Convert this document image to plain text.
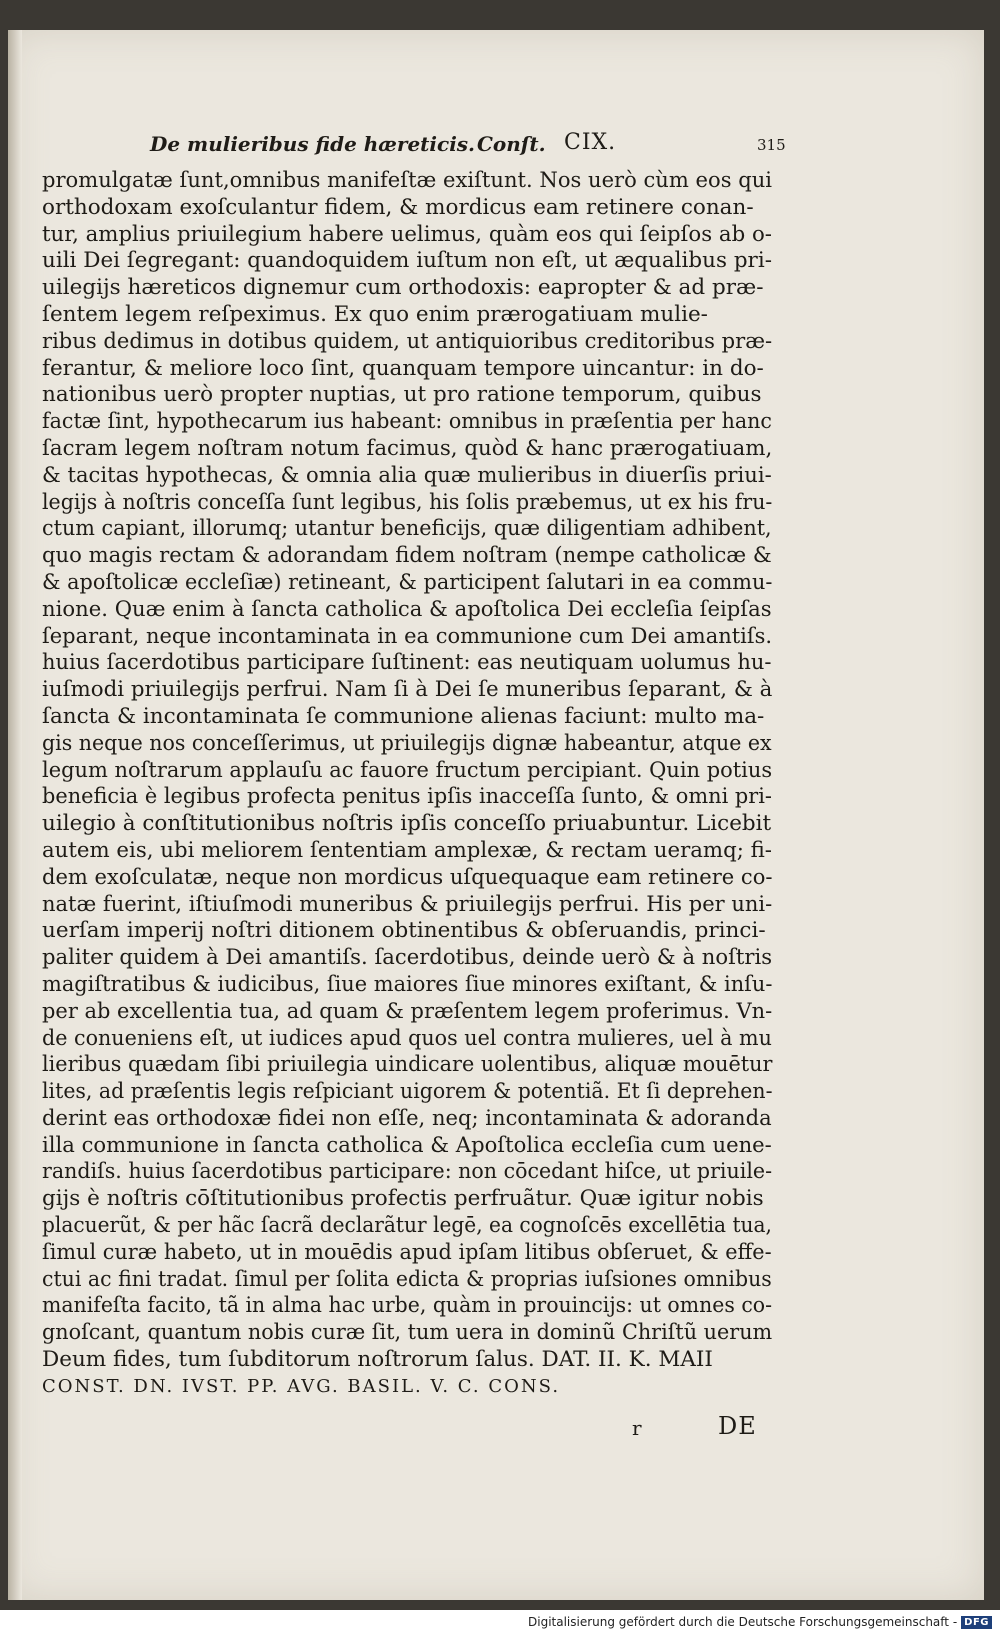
De mulieribus fide hæreticis. Conſt. CIX.	315
promulgatæ ſunt,omnibus manifeſtæ exiſtunt. Nos uerò cùm eos qui
orthodoxam exoſculantur fidem, & mordicus eam retinere conan-
tur, amplius priuilegium habere uelimus, quàm eos qui ſeipſos ab o-
uili Dei ſegregant: quandoquidem iuſtum non eſt, ut æqualibus pri-
uilegijs hæreticos dignemur cum orthodoxis: eapropter & ad præ-
ſentem legem reſpeximus. Ex quo enim prærogatiuam mulie-
ribus dedimus in dotibus quidem, ut antiquioribus creditoribus præ-
ferantur, & meliore loco ſint, quanquam tempore uincantur: in do-
nationibus uerò propter nuptias, ut pro ratione temporum, quibus
factæ ſint, hypothecarum ius habeant: omnibus in præſentia per hanc
ſacram legem noſtram notum facimus, quòd & hanc prærogatiuam,
& tacitas hypothecas, & omnia alia quæ mulieribus in diuerſis priui-
legijs à noſtris conceſſa ſunt legibus, his ſolis præbemus, ut ex his fru-
ctum capiant, illorumq; utantur beneficijs, quæ diligentiam adhibent,
quo magis rectam & adorandam fidem noſtram (nempe catholicæ &
& apoſtolicæ eccleſiæ) retineant, & participent ſalutari in ea commu-
nione. Quæ enim à ſancta catholica & apoſtolica Dei eccleſia ſeipſas
ſeparant, neque incontaminata in ea communione cum Dei amantiſs.
huius ſacerdotibus participare ſuſtinent: eas neutiquam uolumus hu-
iuſmodi priuilegijs perfrui. Nam ſi à Dei ſe muneribus ſeparant, & à
ſancta & incontaminata ſe communione alienas faciunt: multo ma-
gis neque nos conceſſerimus, ut priuilegijs dignæ habeantur, atque ex
legum noſtrarum applauſu ac fauore fructum percipiant. Quin potius
beneficia è legibus profecta penitus ipſis inacceſſa ſunto, & omni pri-
uilegio à conſtitutionibus noſtris ipſis conceſſo priuabuntur. Licebit
autem eis, ubi meliorem ſententiam amplexæ, & rectam ueramq; fi-
dem exoſculatæ, neque non mordicus uſquequaque eam retinere co-
natæ fuerint, iſtiuſmodi muneribus & priuilegijs perfrui. His per uni-
uerſam imperij noſtri ditionem obtinentibus & obſeruandis, princi-
paliter quidem à Dei amantiſs. ſacerdotibus, deinde uerò & à noſtris
magiſtratibus & iudicibus, ſiue maiores ſiue minores exiſtant, & inſu-
per ab excellentia tua, ad quam & præſentem legem proferimus. Vn-
de conueniens eſt, ut iudices apud quos uel contra mulieres, uel à mu
lieribus quædam ſibi priuilegia uindicare uolentibus, aliquæ mouētur
lites, ad præſentis legis reſpiciant uigorem & potentiã. Et ſi deprehen-
derint eas orthodoxæ fidei non eſſe, neq; incontaminata & adoranda
illa communione in ſancta catholica & Apoſtolica eccleſia cum uene-
randiſs. huius ſacerdotibus participare: non cōcedant hiſce, ut priuile-
gijs è noſtris cōſtitutionibus profectis perfruãtur. Quæ igitur nobis
placuerũt, & per hãc ſacrã declarãtur legē, ea cognoſcēs excellētia tua,
ſimul curæ habeto, ut in mouēdis apud ipſam litibus obſeruet, & effe-
ctui ac fini tradat. ſimul per ſolita edicta & proprias iuſsiones omnibus
manifeſta facito, tã in alma hac urbe, quàm in prouincijs: ut omnes co-
gnoſcant, quantum nobis curæ ſit, tum uera in dominũ Chriſtũ uerum
Deum fides, tum ſubditorum noſtrorum ſalus. DAT. II. K. MAII
CONST. DN. IVST. PP. AVG. BASIL. V. C. CONS.
r	DE
Digitalisierung gefördert durch die Deutsche Forschungsgemeinschaft - DFG
